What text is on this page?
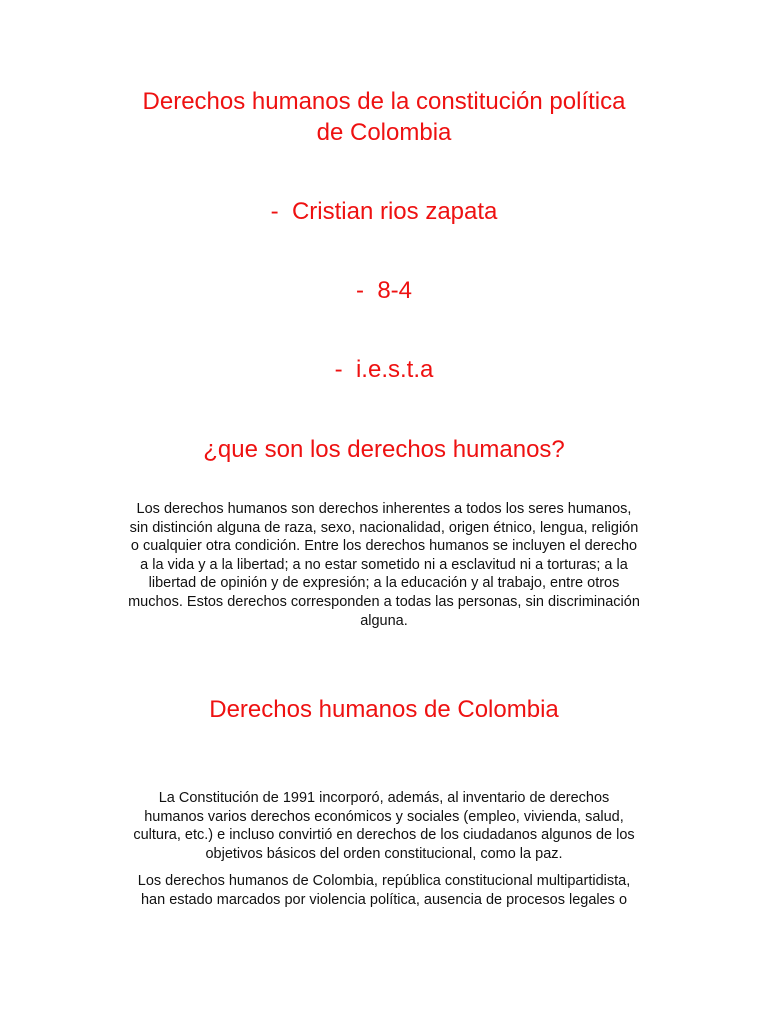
Derechos humanos de la constitución política
de Colombia
-  Cristian rios zapata
-  8-4
-  i.e.s.t.a
¿que son los derechos humanos?
Los derechos humanos son derechos inherentes a todos los seres humanos,
sin distinción alguna de raza, sexo, nacionalidad, origen étnico, lengua, religión
o cualquier otra condición. Entre los derechos humanos se incluyen el derecho
a la vida y a la libertad; a no estar sometido ni a esclavitud ni a torturas; a la
libertad de opinión y de expresión; a la educación y al trabajo, entre otros
muchos. Estos derechos corresponden a todas las personas, sin discriminación
alguna.
Derechos humanos de Colombia
La Constitución de 1991 incorporó, además, al inventario de derechos
humanos varios derechos económicos y sociales (empleo, vivienda, salud,
cultura, etc.) e incluso convirtió en derechos de los ciudadanos algunos de los
objetivos básicos del orden constitucional, como la paz.
Los derechos humanos de Colombia, república constitucional multipartidista,
han estado marcados por violencia política, ausencia de procesos legales o
